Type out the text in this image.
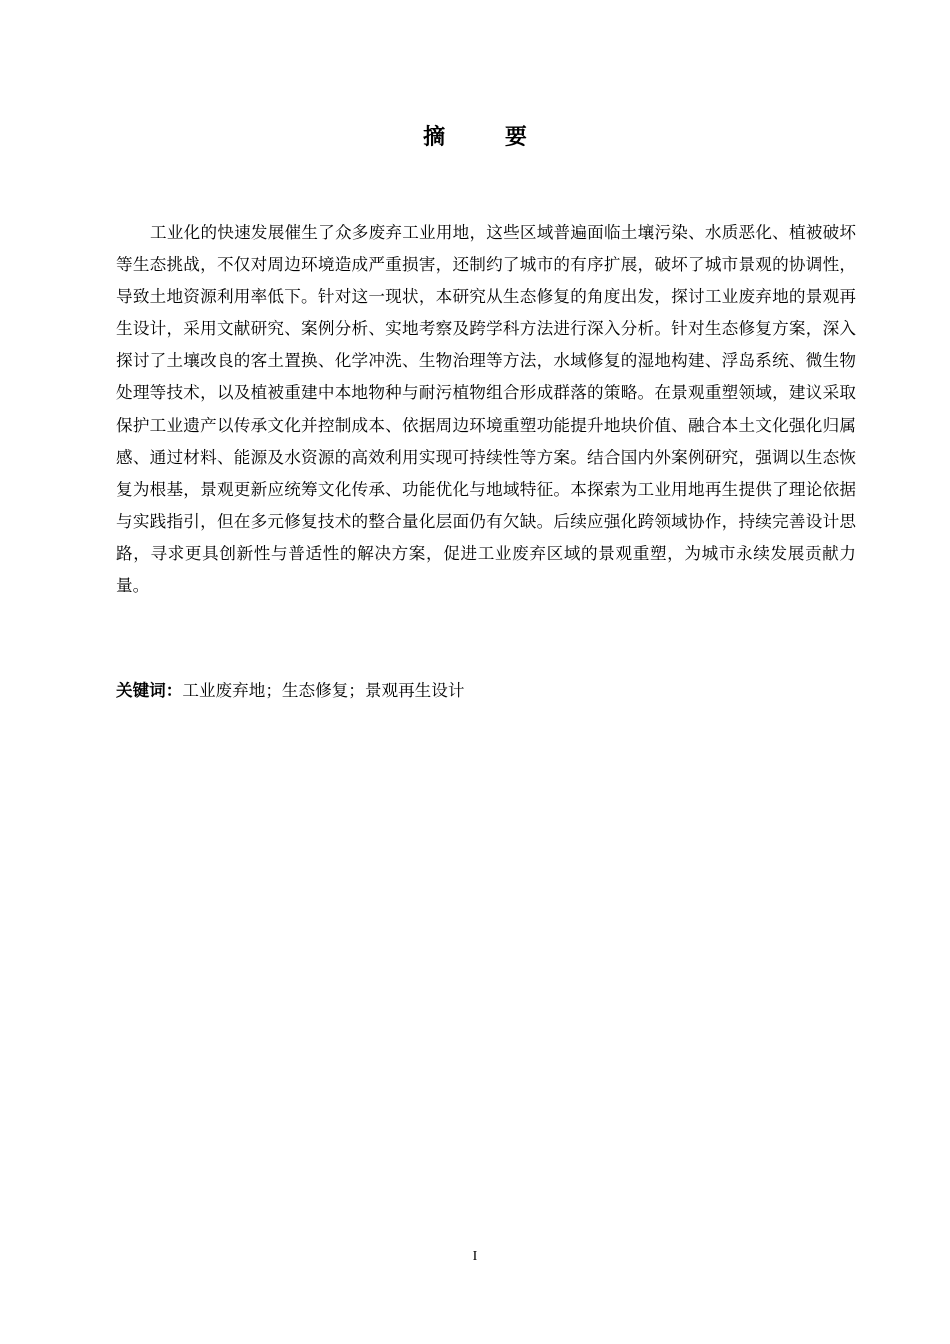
摘 要

工业化的快速发展催生了众多废弃工业用地，这些区域普遍面临土壤污染、水质恶化、植被破坏等生态挑战，不仅对周边环境造成严重损害，还制约了城市的有序扩展，破坏了城市景观的协调性，导致土地资源利用率低下。针对这一现状，本研究从生态修复的角度出发，探讨工业废弃地的景观再生设计，采用文献研究、案例分析、实地考察及跨学科方法进行深入分析。针对生态修复方案，深入探讨了土壤改良的客土置换、化学冲洗、生物治理等方法，水域修复的湿地构建、浮岛系统、微生物处理等技术，以及植被重建中本地物种与耐污植物组合形成群落的策略。在景观重塑领域，建议采取保护工业遗产以传承文化并控制成本、依据周边环境重塑功能提升地块价值、融合本土文化强化归属感、通过材料、能源及水资源的高效利用实现可持续性等方案。结合国内外案例研究，强调以生态恢复为根基，景观更新应统筹文化传承、功能优化与地域特征。本探索为工业用地再生提供了理论依据与实践指引，但在多元修复技术的整合量化层面仍有欠缺。后续应强化跨领域协作，持续完善设计思路，寻求更具创新性与普适性的解决方案，促进工业废弃区域的景观重塑，为城市永续发展贡献力量。

关键词：工业废弃地；生态修复；景观再生设计

I
